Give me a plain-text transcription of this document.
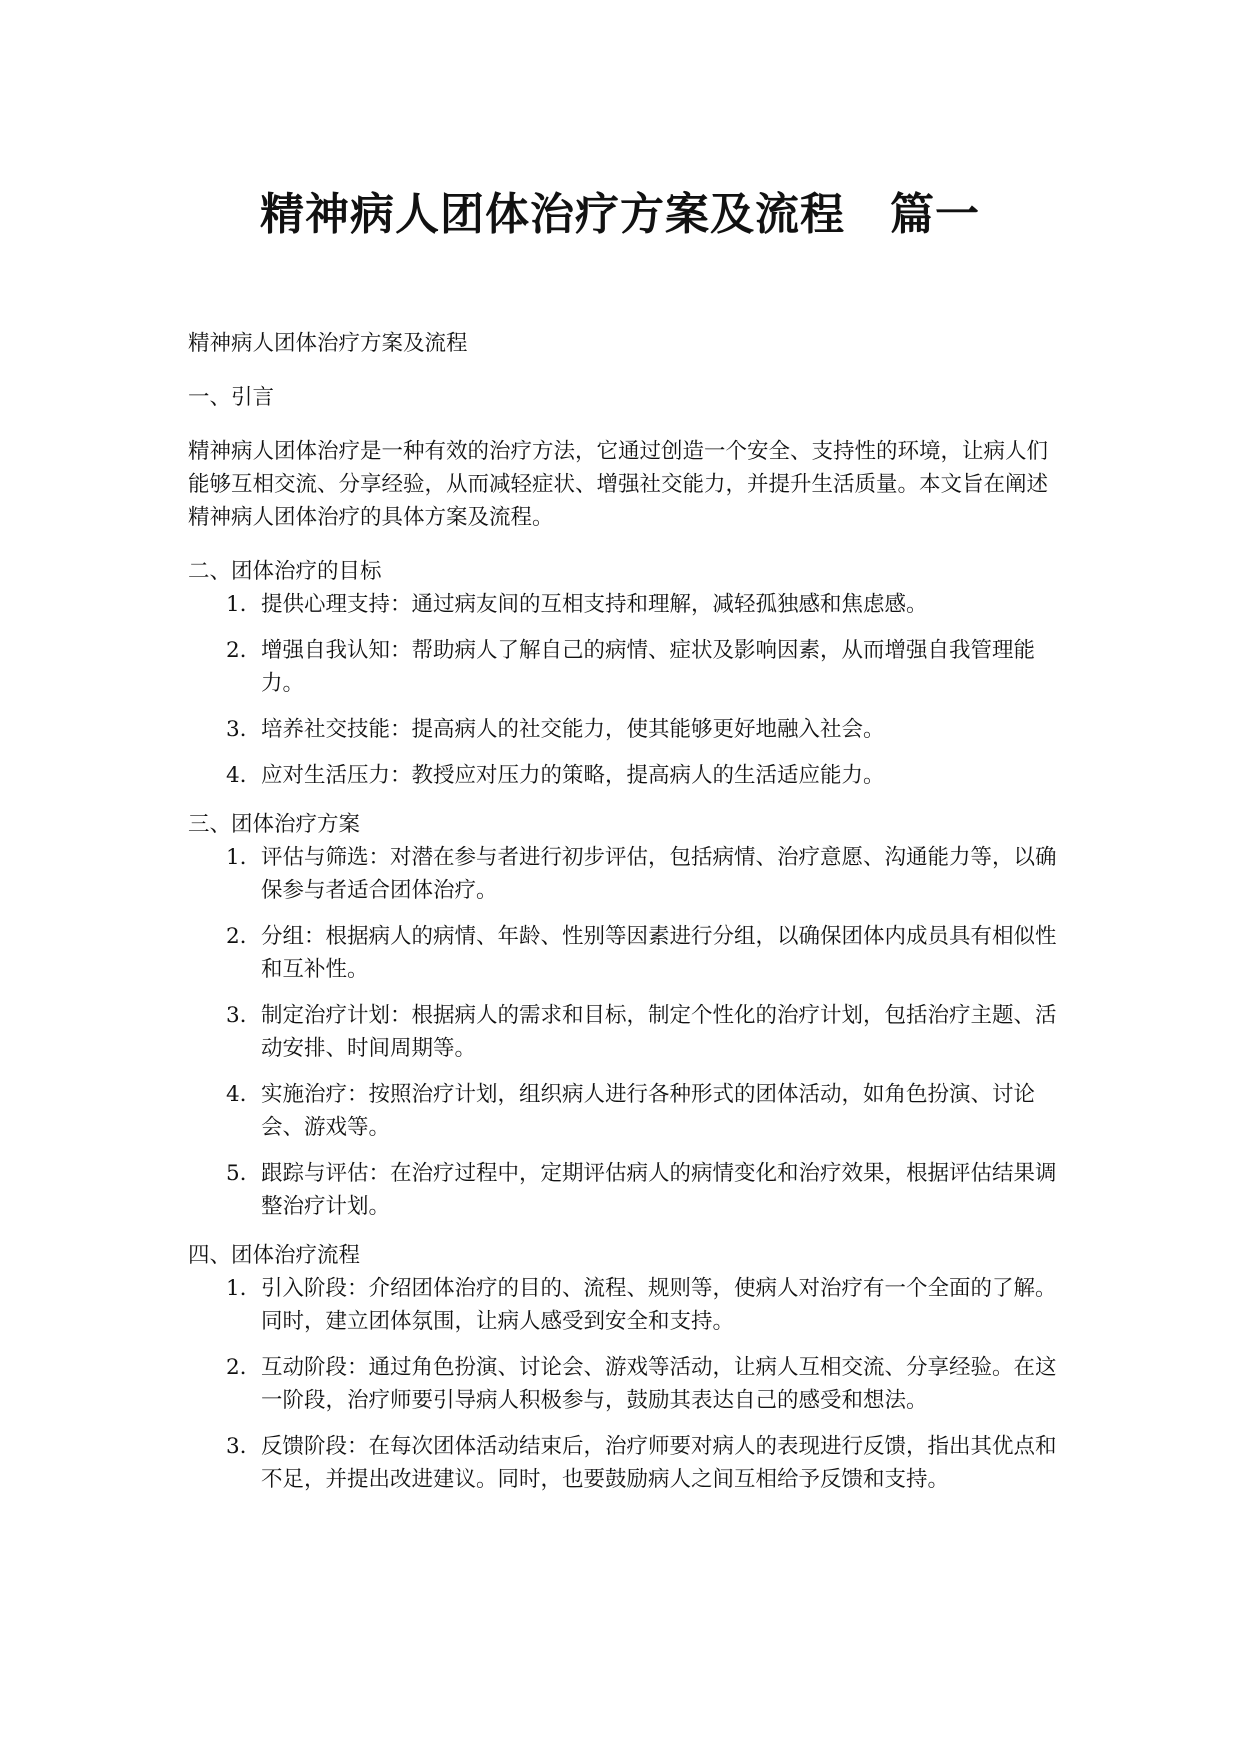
精神病人团体治疗方案及流程　篇一

精神病人团体治疗方案及流程

一、引言

精神病人团体治疗是一种有效的治疗方法，它通过创造一个安全、支持性的环境，让病人们能够互相交流、分享经验，从而减轻症状、增强社交能力，并提升生活质量。本文旨在阐述精神病人团体治疗的具体方案及流程。

二、团体治疗的目标

1. 提供心理支持：通过病友间的互相支持和理解，减轻孤独感和焦虑感。
2. 增强自我认知：帮助病人了解自己的病情、症状及影响因素，从而增强自我管理能力。
3. 培养社交技能：提高病人的社交能力，使其能够更好地融入社会。
4. 应对生活压力：教授应对压力的策略，提高病人的生活适应能力。

三、团体治疗方案

1. 评估与筛选：对潜在参与者进行初步评估，包括病情、治疗意愿、沟通能力等，以确保参与者适合团体治疗。
2. 分组：根据病人的病情、年龄、性别等因素进行分组，以确保团体内成员具有相似性和互补性。
3. 制定治疗计划：根据病人的需求和目标，制定个性化的治疗计划，包括治疗主题、活动安排、时间周期等。
4. 实施治疗：按照治疗计划，组织病人进行各种形式的团体活动，如角色扮演、讨论会、游戏等。
5. 跟踪与评估：在治疗过程中，定期评估病人的病情变化和治疗效果，根据评估结果调整治疗计划。

四、团体治疗流程

1. 引入阶段：介绍团体治疗的目的、流程、规则等，使病人对治疗有一个全面的了解。同时，建立团体氛围，让病人感受到安全和支持。
2. 互动阶段：通过角色扮演、讨论会、游戏等活动，让病人互相交流、分享经验。在这一阶段，治疗师要引导病人积极参与，鼓励其表达自己的感受和想法。
3. 反馈阶段：在每次团体活动结束后，治疗师要对病人的表现进行反馈，指出其优点和不足，并提出改进建议。同时，也要鼓励病人之间互相给予反馈和支持。
